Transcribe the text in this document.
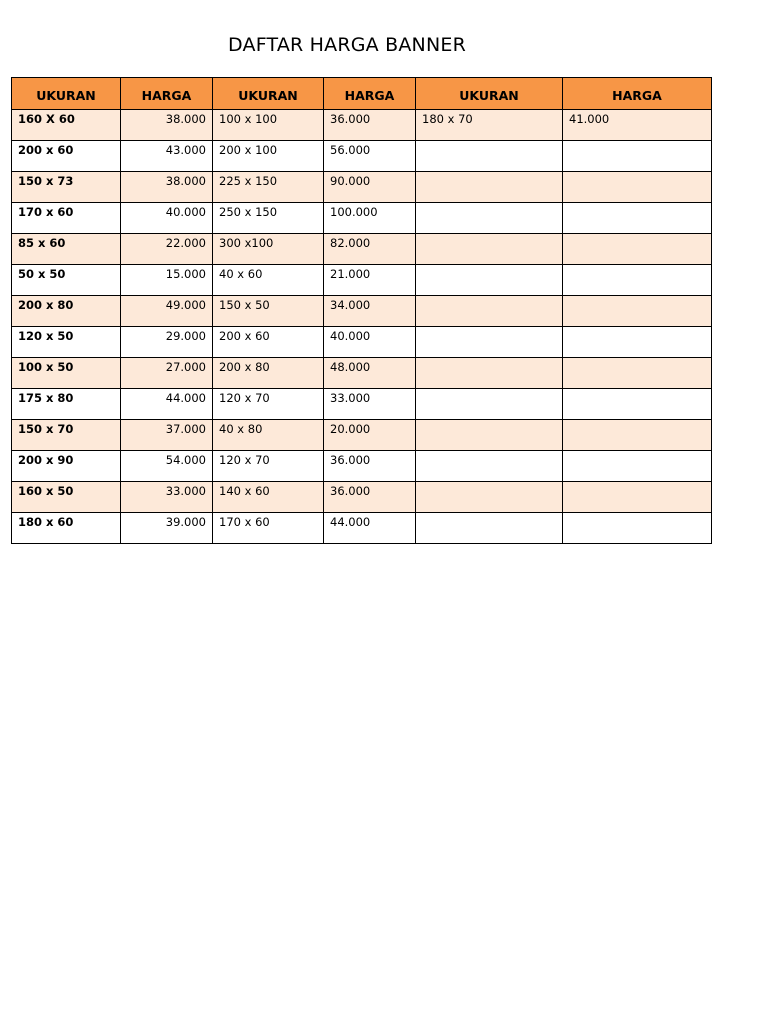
DAFTAR HARGA BANNER
UKURAN	HARGA	UKURAN	HARGA	UKURAN	HARGA
160 X 60	38.000	100 x 100	36.000	180 x 70	41.000
200 x 60	43.000	200 x 100	56.000		
150 x 73	38.000	225 x 150	90.000		
170 x 60	40.000	250 x 150	100.000		
85 x 60	22.000	300 x100	82.000		
50 x 50	15.000	40 x 60	21.000		
200 x 80	49.000	150 x 50	34.000		
120 x 50	29.000	200 x 60	40.000		
100 x 50	27.000	200 x 80	48.000		
175 x 80	44.000	120 x 70	33.000		
150 x 70	37.000	40 x 80	20.000		
200 x 90	54.000	120 x 70	36.000		
160 x 50	33.000	140 x 60	36.000		
180 x 60	39.000	170 x 60	44.000		
